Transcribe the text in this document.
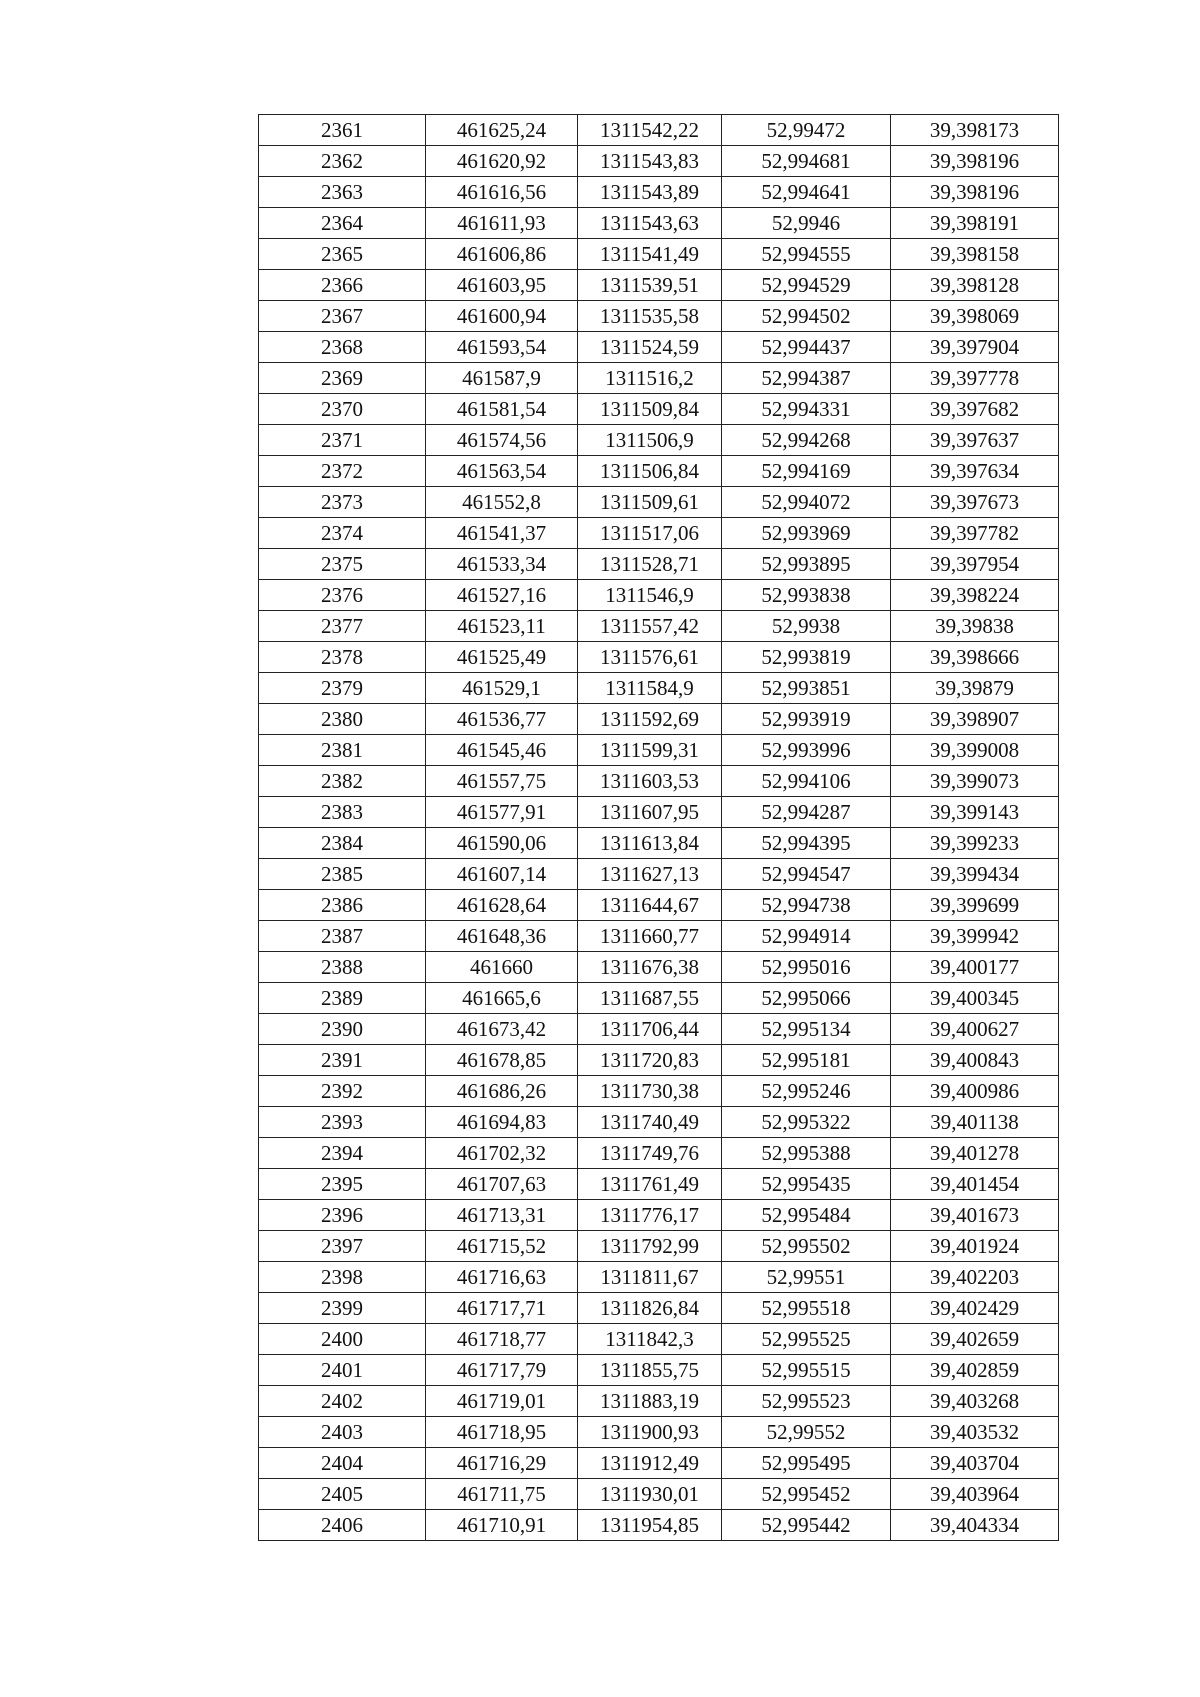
2361	461625,24	1311542,22	52,99472	39,398173
2362	461620,92	1311543,83	52,994681	39,398196
2363	461616,56	1311543,89	52,994641	39,398196
2364	461611,93	1311543,63	52,9946	39,398191
2365	461606,86	1311541,49	52,994555	39,398158
2366	461603,95	1311539,51	52,994529	39,398128
2367	461600,94	1311535,58	52,994502	39,398069
2368	461593,54	1311524,59	52,994437	39,397904
2369	461587,9	1311516,2	52,994387	39,397778
2370	461581,54	1311509,84	52,994331	39,397682
2371	461574,56	1311506,9	52,994268	39,397637
2372	461563,54	1311506,84	52,994169	39,397634
2373	461552,8	1311509,61	52,994072	39,397673
2374	461541,37	1311517,06	52,993969	39,397782
2375	461533,34	1311528,71	52,993895	39,397954
2376	461527,16	1311546,9	52,993838	39,398224
2377	461523,11	1311557,42	52,9938	39,39838
2378	461525,49	1311576,61	52,993819	39,398666
2379	461529,1	1311584,9	52,993851	39,39879
2380	461536,77	1311592,69	52,993919	39,398907
2381	461545,46	1311599,31	52,993996	39,399008
2382	461557,75	1311603,53	52,994106	39,399073
2383	461577,91	1311607,95	52,994287	39,399143
2384	461590,06	1311613,84	52,994395	39,399233
2385	461607,14	1311627,13	52,994547	39,399434
2386	461628,64	1311644,67	52,994738	39,399699
2387	461648,36	1311660,77	52,994914	39,399942
2388	461660	1311676,38	52,995016	39,400177
2389	461665,6	1311687,55	52,995066	39,400345
2390	461673,42	1311706,44	52,995134	39,400627
2391	461678,85	1311720,83	52,995181	39,400843
2392	461686,26	1311730,38	52,995246	39,400986
2393	461694,83	1311740,49	52,995322	39,401138
2394	461702,32	1311749,76	52,995388	39,401278
2395	461707,63	1311761,49	52,995435	39,401454
2396	461713,31	1311776,17	52,995484	39,401673
2397	461715,52	1311792,99	52,995502	39,401924
2398	461716,63	1311811,67	52,99551	39,402203
2399	461717,71	1311826,84	52,995518	39,402429
2400	461718,77	1311842,3	52,995525	39,402659
2401	461717,79	1311855,75	52,995515	39,402859
2402	461719,01	1311883,19	52,995523	39,403268
2403	461718,95	1311900,93	52,99552	39,403532
2404	461716,29	1311912,49	52,995495	39,403704
2405	461711,75	1311930,01	52,995452	39,403964
2406	461710,91	1311954,85	52,995442	39,404334
